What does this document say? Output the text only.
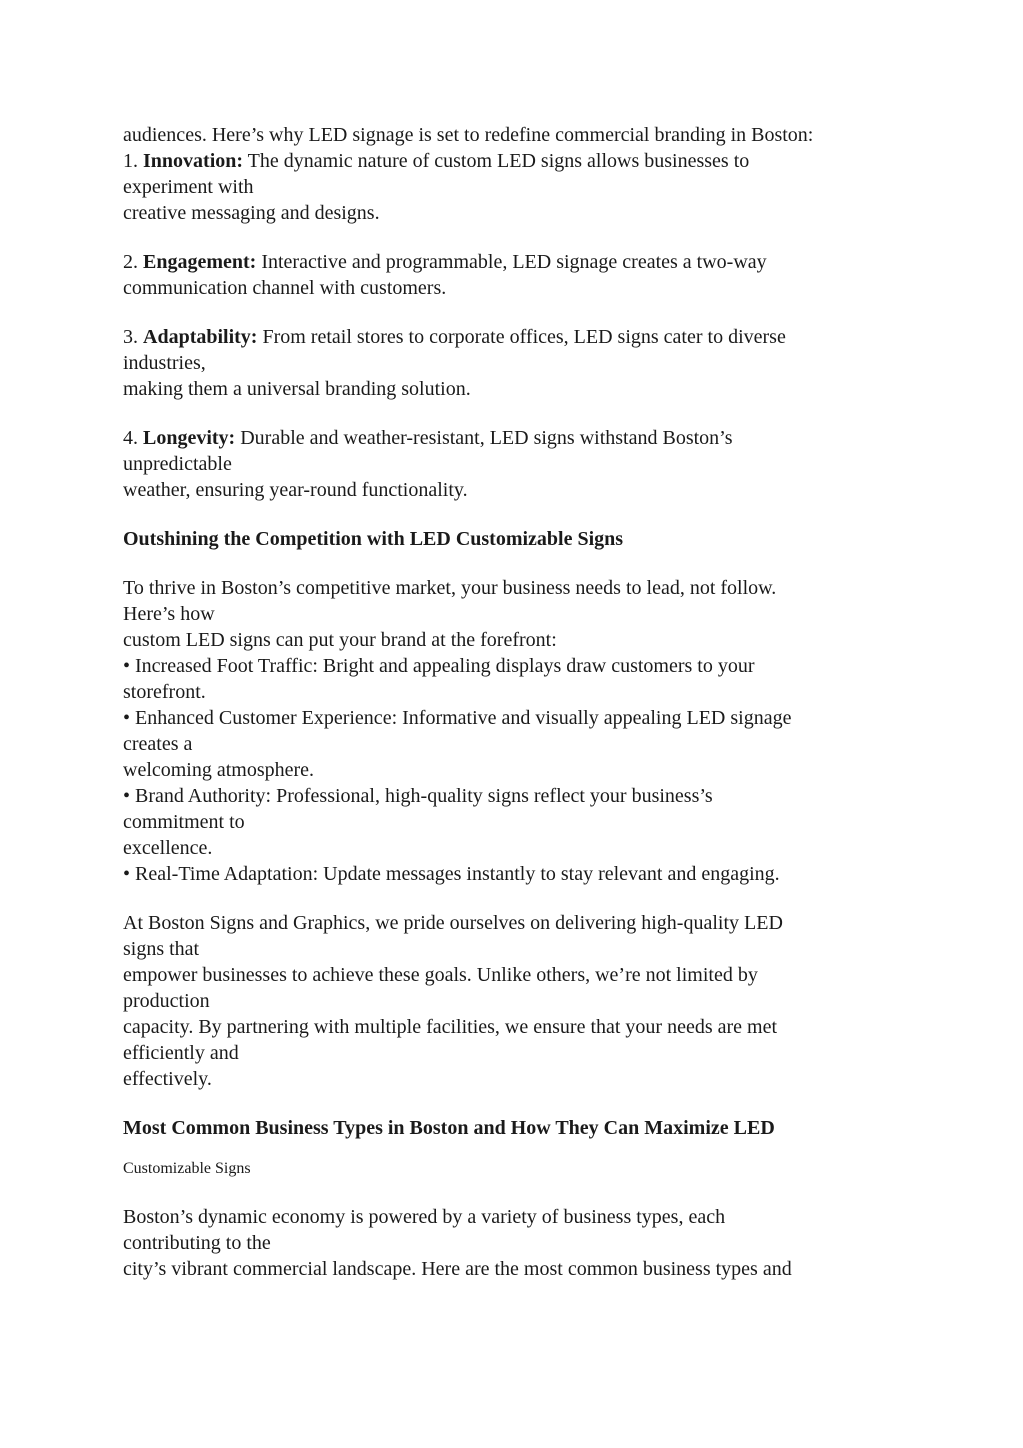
audiences. Here’s why LED signage is set to redefine commercial branding in Boston:
1. Innovation: The dynamic nature of custom LED signs allows businesses to
experiment with
creative messaging and designs.
2. Engagement: Interactive and programmable, LED signage creates a two-way
communication channel with customers.
3. Adaptability: From retail stores to corporate offices, LED signs cater to diverse
industries,
making them a universal branding solution.
4. Longevity: Durable and weather-resistant, LED signs withstand Boston’s
unpredictable
weather, ensuring year-round functionality.
Outshining the Competition with LED Customizable Signs
To thrive in Boston’s competitive market, your business needs to lead, not follow.
Here’s how
custom LED signs can put your brand at the forefront:
• Increased Foot Traffic: Bright and appealing displays draw customers to your
storefront.
• Enhanced Customer Experience: Informative and visually appealing LED signage
creates a
welcoming atmosphere.
• Brand Authority: Professional, high-quality signs reflect your business’s
commitment to
excellence.
• Real-Time Adaptation: Update messages instantly to stay relevant and engaging.
At Boston Signs and Graphics, we pride ourselves on delivering high-quality LED
signs that
empower businesses to achieve these goals. Unlike others, we’re not limited by
production
capacity. By partnering with multiple facilities, we ensure that your needs are met
efficiently and
effectively.
Most Common Business Types in Boston and How They Can Maximize LED
Customizable Signs
Boston’s dynamic economy is powered by a variety of business types, each
contributing to the
city’s vibrant commercial landscape. Here are the most common business types and
